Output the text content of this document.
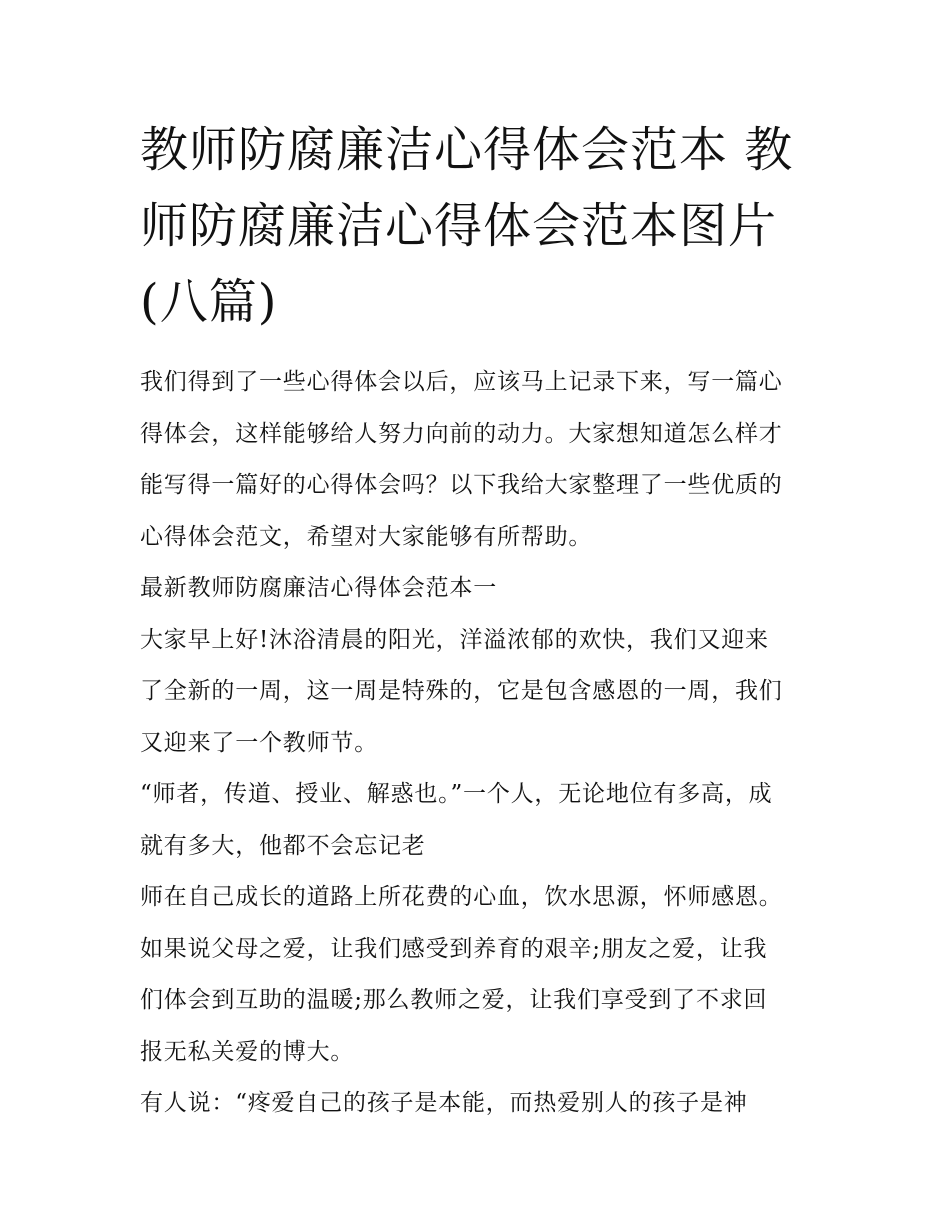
教师防腐廉洁心得体会范本 教
师防腐廉洁心得体会范本图片
(八篇)
我们得到了一些心得体会以后，应该马上记录下来，写一篇心
得体会，这样能够给人努力向前的动力。大家想知道怎么样才
能写得一篇好的心得体会吗？以下我给大家整理了一些优质的
心得体会范文，希望对大家能够有所帮助。
最新教师防腐廉洁心得体会范本一
大家早上好!沐浴清晨的阳光，洋溢浓郁的欢快，我们又迎来
了全新的一周，这一周是特殊的，它是包含感恩的一周，我们
又迎来了一个教师节。
“师者，传道、授业、解惑也。”一个人，无论地位有多高，成
就有多大，他都不会忘记老
师在自己成长的道路上所花费的心血，饮水思源，怀师感恩。
如果说父母之爱，让我们感受到养育的艰辛;朋友之爱，让我
们体会到互助的温暖;那么教师之爱，让我们享受到了不求回
报无私关爱的博大。
有人说：“疼爱自己的孩子是本能，而热爱别人的孩子是神
